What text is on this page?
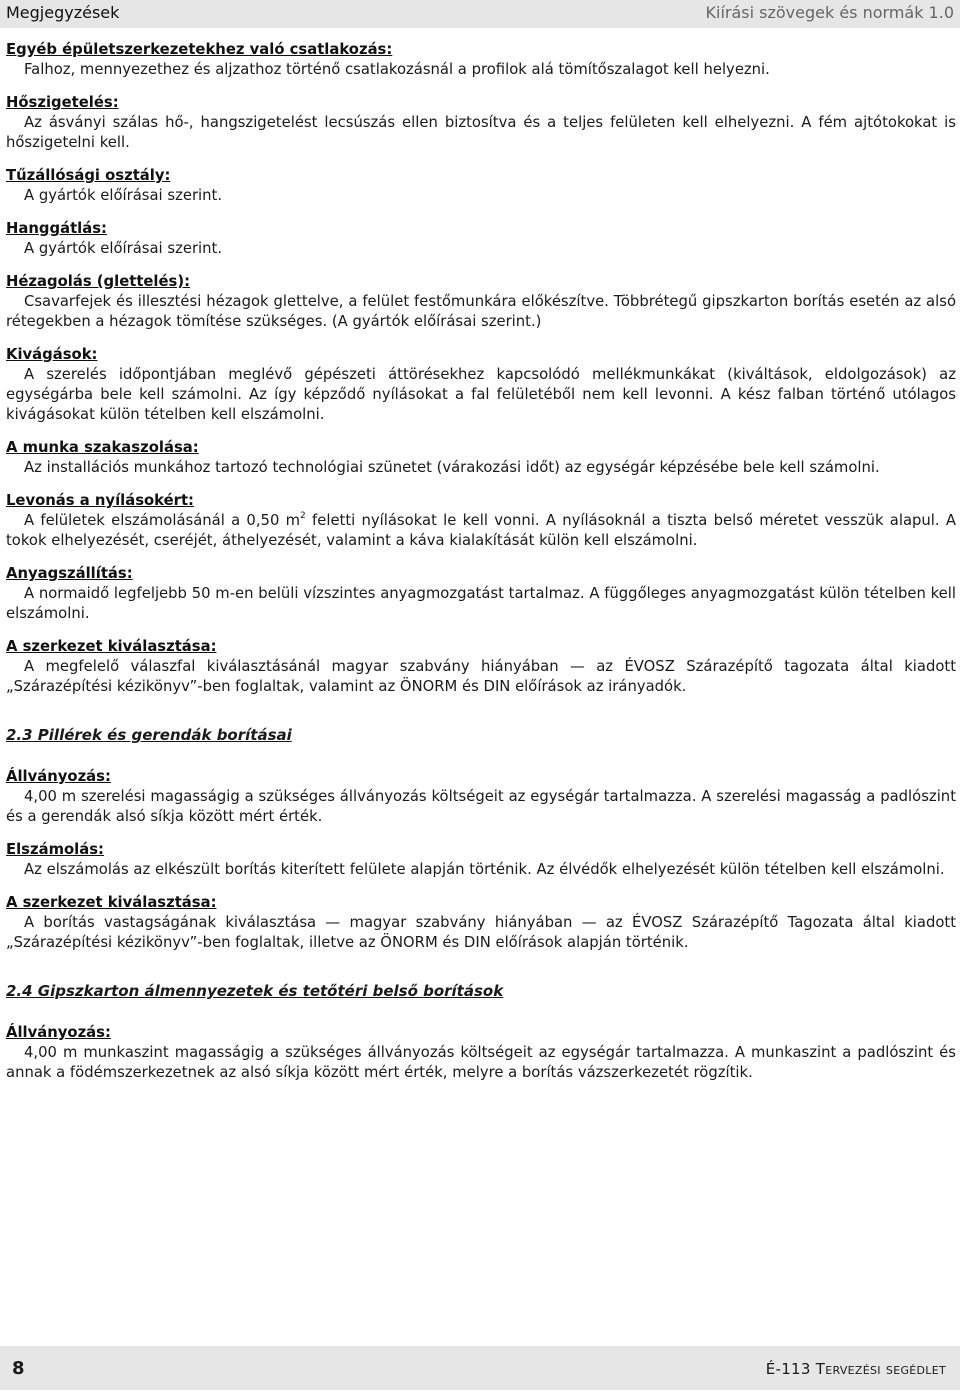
Megjegyzések	Kiírási szövegek és normák 1.0
Egyéb épületszerkezetekhez való csatlakozás:
Falhoz, mennyezethez és aljzathoz történő csatlakozásnál a profilok alá tömítőszalagot kell helyezni.
Hőszigetelés:
Az ásványi szálas hő-, hangszigetelést lecsúszás ellen biztosítva és a teljes felületen kell elhelyezni. A fém ajtótokokat is hőszigetelni kell.
Tűzállósági osztály:
A gyártók előírásai szerint.
Hanggátlás:
A gyártók előírásai szerint.
Hézagolás (glettelés):
Csavarfejek és illesztési hézagok glettelve, a felület festőmunkára előkészítve. Többrétegű gipszkarton borítás esetén az alsó rétegekben a hézagok tömítése szükséges. (A gyártók előírásai szerint.)
Kivágások:
A szerelés időpontjában meglévő gépészeti áttörésekhez kapcsolódó mellékmunkákat (kiváltások, eldolgozások) az egységárba bele kell számolni. Az így képződő nyílásokat a fal felületéből nem kell levonni. A kész falban történő utólagos kivágásokat külön tételben kell elszámolni.
A munka szakaszolása:
Az installációs munkához tartozó technológiai szünetet (várakozási időt) az egységár képzésébe bele kell számolni.
Levonás a nyílásokért:
A felületek elszámolásánál a 0,50 $m^2$ feletti nyílásokat le kell vonni. A nyílásoknál a tiszta belső méretet vesszük alapul. A tokok elhelyezését, cseréjét, áthelyezését, valamint a káva kialakítását külön kell elszámolni.
Anyagszállítás:
A normaidő legfeljebb 50 m-en belüli vízszintes anyagmozgatást tartalmaz. A függőleges anyagmozgatást külön tételben kell elszámolni.
A szerkezet kiválasztása:
A megfelelő válaszfal kiválasztásánál magyar szabvány hiányában — az ÉVOSZ Szárazépítő tagozata által kiadott „Szárazépítési kézikönyv”-ben foglaltak, valamint az ÖNORM és DIN előírások az irányadók.
2.3 Pillérek és gerendák borításai
Állványozás:
4,00 m szerelési magasságig a szükséges állványozás költségeit az egységár tartalmazza. A szerelési magasság a padlószint és a gerendák alsó síkja között mért érték.
Elszámolás:
Az elszámolás az elkészült borítás kiterített felülete alapján történik. Az élvédők elhelyezését külön tételben kell elszámolni.
A szerkezet kiválasztása:
A borítás vastagságának kiválasztása — magyar szabvány hiányában — az ÉVOSZ Szárazépítő Tagozata által kiadott „Szárazépítési kézikönyv”-ben foglaltak, illetve az ÖNORM és DIN előírások alapján történik.
2.4 Gipszkarton álmennyezetek és tetőtéri belső borítások
Állványozás:
4,00 m munkaszint magasságig a szükséges állványozás költségeit az egységár tartalmazza. A munkaszint a padlószint és annak a födémszerkezetnek az alsó síkja között mért érték, melyre a borítás vázszerkezetét rögzítik.
8	É-113 Tervezési segédlet
